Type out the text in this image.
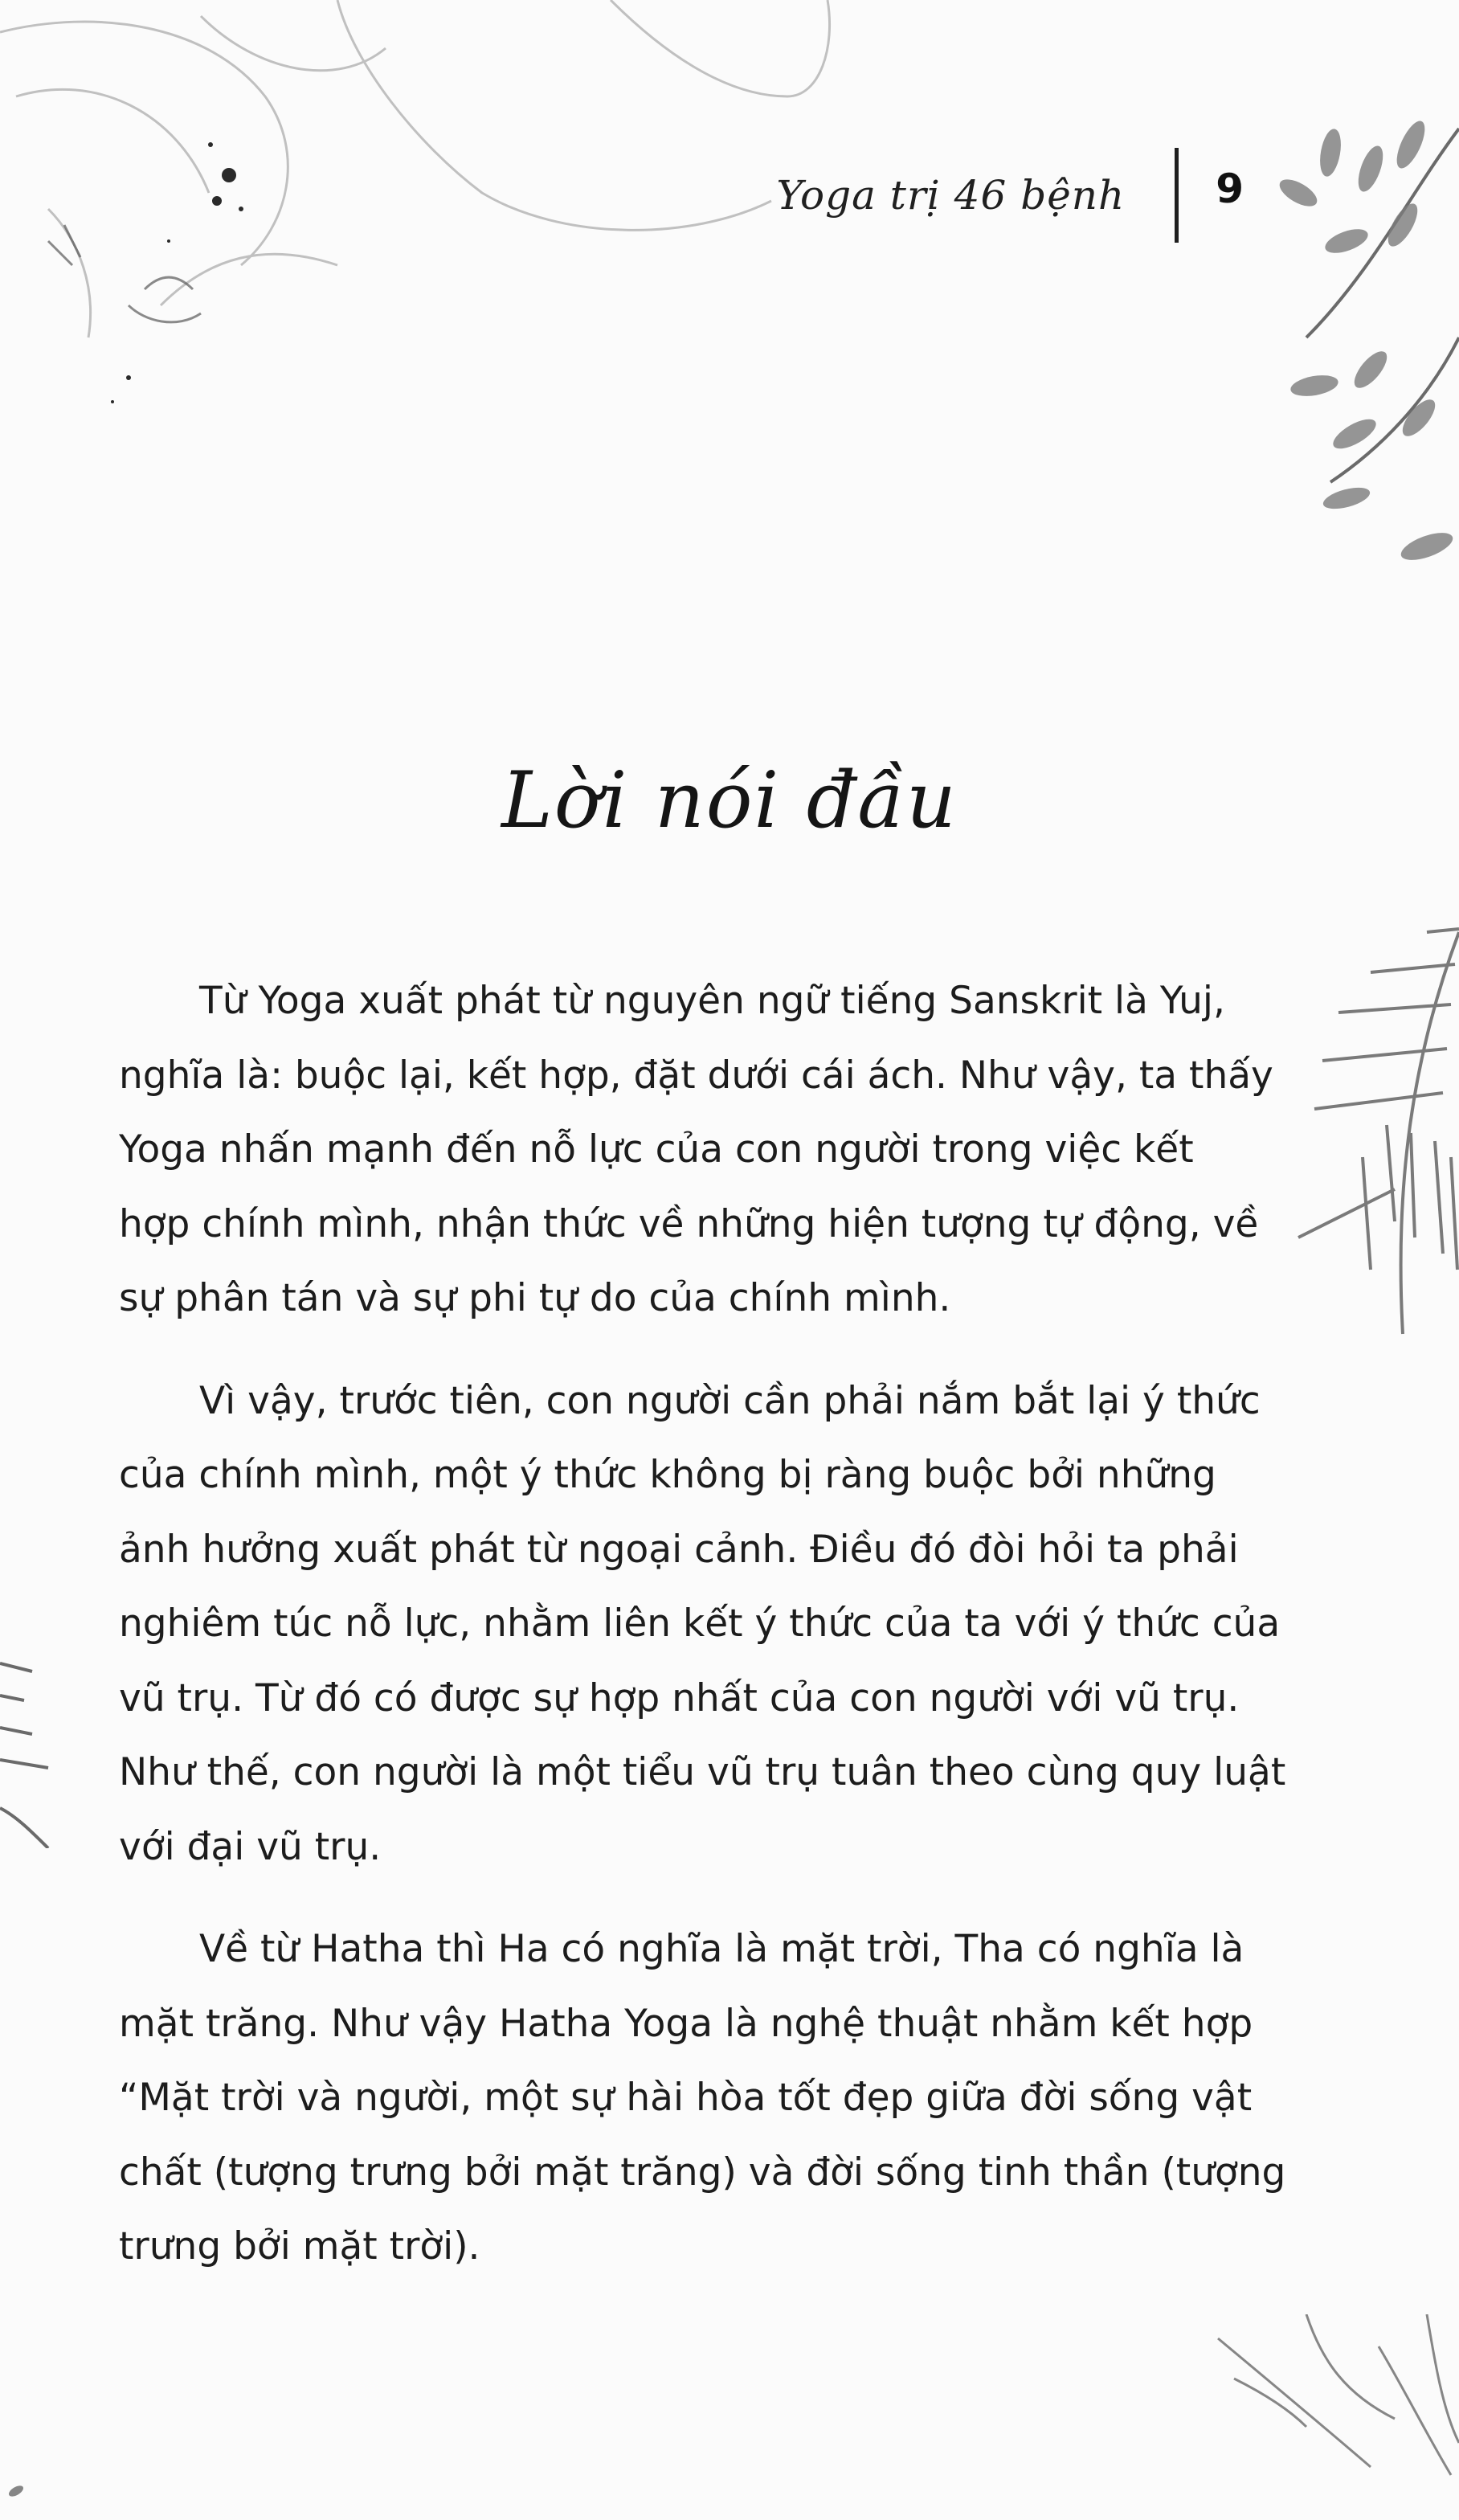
Yoga trị 46 bệnh 9
Lời nói đầu

Từ Yoga xuất phát từ nguyên ngữ tiếng Sanskrit là Yuj,
nghĩa là: buộc lại, kết hợp, đặt dưới cái ách. Như vậy, ta thấy
Yoga nhấn mạnh đến nỗ lực của con người trong việc kết
hợp chính mình, nhận thức về những hiện tượng tự động, về
sự phân tán và sự phi tự do của chính mình.

Vì vậy, trước tiên, con người cần phải nắm bắt lại ý thức
của chính mình, một ý thức không bị ràng buộc bởi những
ảnh hưởng xuất phát từ ngoại cảnh. Điều đó đòi hỏi ta phải
nghiêm túc nỗ lực, nhằm liên kết ý thức của ta với ý thức của
vũ trụ. Từ đó có được sự hợp nhất của con người với vũ trụ.
Như thế, con người là một tiểu vũ trụ tuân theo cùng quy luật
với đại vũ trụ.

Về từ Hatha thì Ha có nghĩa là mặt trời, Tha có nghĩa là
mặt trăng. Như vậy Hatha Yoga là nghệ thuật nhằm kết hợp
“Mặt trời và người, một sự hài hòa tốt đẹp giữa đời sống vật
chất (tượng trưng bởi mặt trăng) và đời sống tinh thần (tượng
trưng bởi mặt trời).
